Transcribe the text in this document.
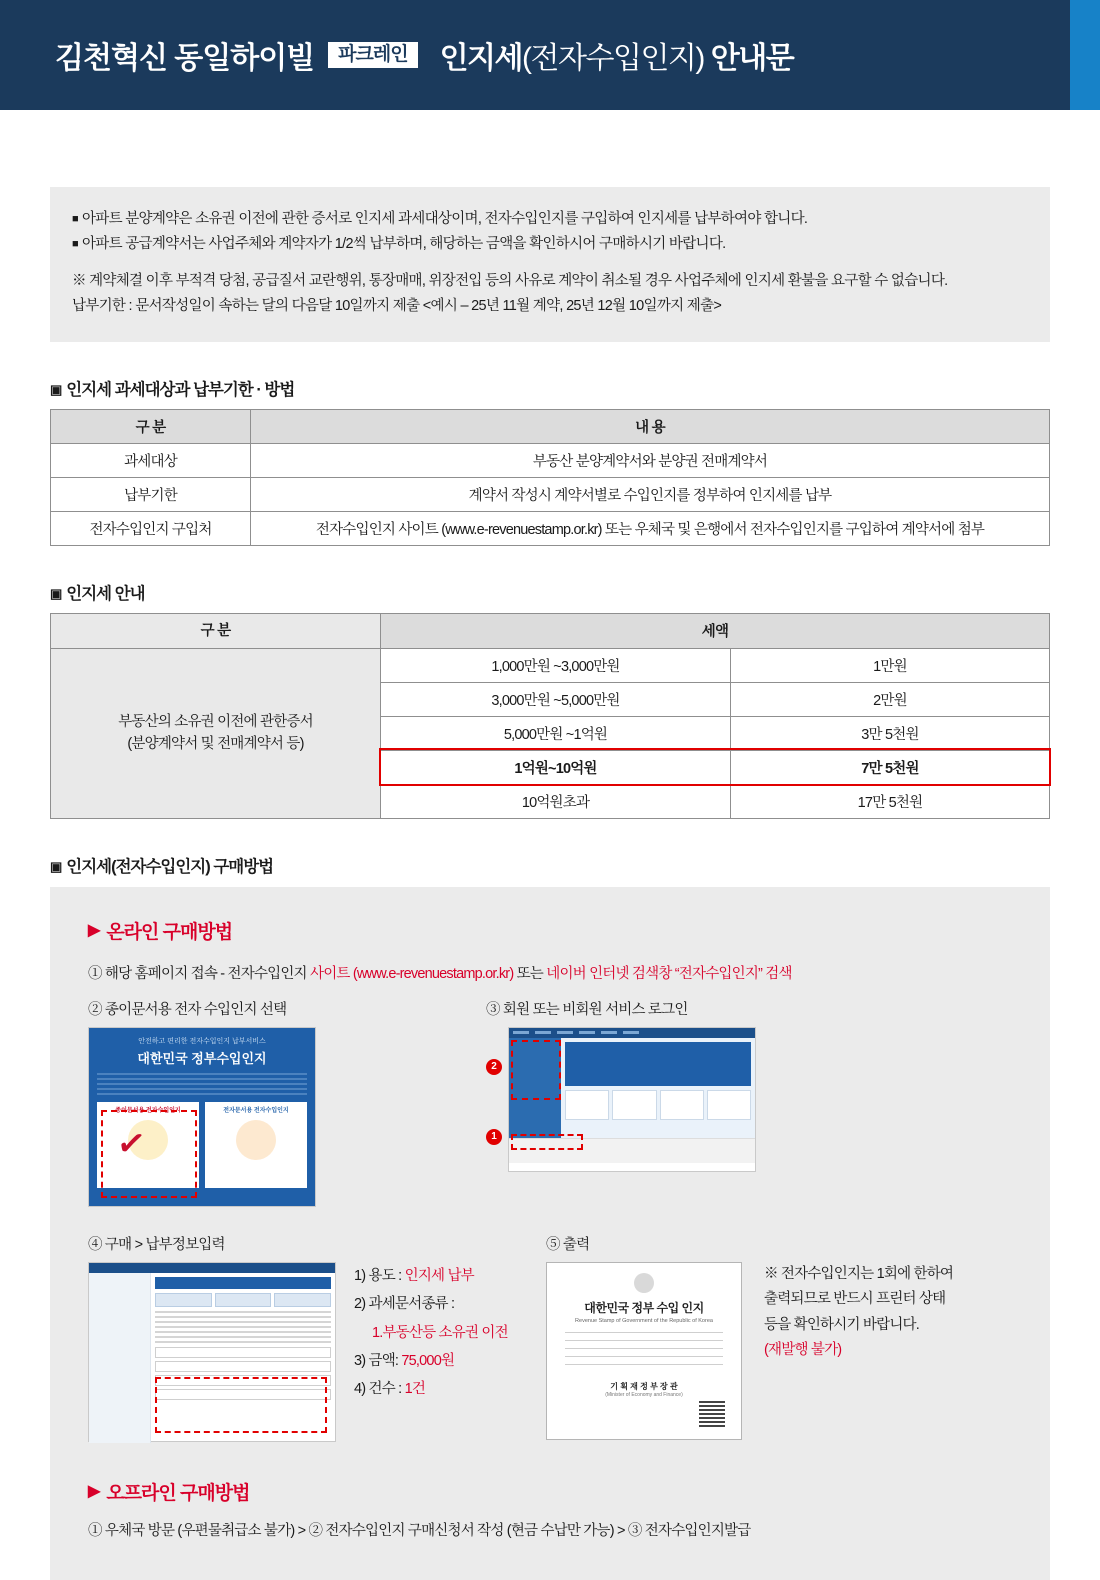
김천혁신 동일하이빌	파크레인	인지세(전자수입인지) 안내문
■ 아파트 분양계약은 소유권 이전에 관한 증서로 인지세 과세대상이며, 전자수입인지를 구입하여 인지세를 납부하여야 합니다.
■ 아파트 공급계약서는 사업주체와 계약자가 1/2씩 납부하며, 해당하는 금액을 확인하시어 구매하시기 바랍니다.
※ 계약체결 이후 부적격 당첨, 공급질서 교란행위, 통장매매, 위장전입 등의 사유로 계약이 취소될 경우 사업주체에 인지세 환불을 요구할 수 없습니다.
납부기한 : 문서작성일이 속하는 달의 다음달 10일까지 제출 <예시 – 25년 11월 계약, 25년 12월 10일까지 제출>
▣ 인지세 과세대상과 납부기한 · 방법
구 분	내 용
과세대상	부동산 분양계약서와 분양권 전매계약서
납부기한	계약서 작성시 계약서별로 수입인지를 정부하여 인지세를 납부
전자수입인지 구입처	전자수입인지 사이트 (www.e-revenuestamp.or.kr) 또는 우체국 및 은행에서 전자수입인지를 구입하여 계약서에 첨부
▣ 인지세 안내
구 분	세액	

부동산의 소유권 이전에 관한증서
(분양계약서 및 전매계약서 등)	1,000만원 ~3,000만원	1만원
	3,000만원 ~5,000만원	2만원
	5,000만원 ~1억원	3만 5천원
	1억원~10억원	7만 5천원
	10억원초과	17만 5천원
▣ 인지세(전자수입인지) 구매방법
▶ 온라인 구매방법
① 해당 홈페이지 접속 - 전자수입인지 사이트 (www.e-revenuestamp.or.kr) 또는 네이버 인터넷 검색창 “전자수입인지” 검색
② 종이문서용 전자 수입인지 선택
안전하고 편리한 전자수입인지 납부서비스
대한민국 정부수입인지
종이문서용 전자수입인지	전자문서용 전자수입인지
✓
③ 회원 또는 비회원 서비스 로그인
2
1
④ 구매 > 납부정보입력
1) 용도 : 인지세 납부
2) 과세문서종류 :
1.부동산등 소유권 이전
3) 금액: 75,000원
4) 건수 : 1건
⑤ 출력
대한민국 정부 수입 인지
Revenue Stamp of Government of the Republic of Korea
기 획 재 정 부 장 관
(Minister of Economy and Finance)
※ 전자수입인지는 1회에 한하여
출력되므로 반드시 프린터 상태
등을 확인하시기 바랍니다.
(재발행 불가)
▶ 오프라인 구매방법
① 우체국 방문 (우편물취급소 불가) > ② 전자수입인지 구매신청서 작성 (현금 수납만 가능) > ③ 전자수입인지발급
